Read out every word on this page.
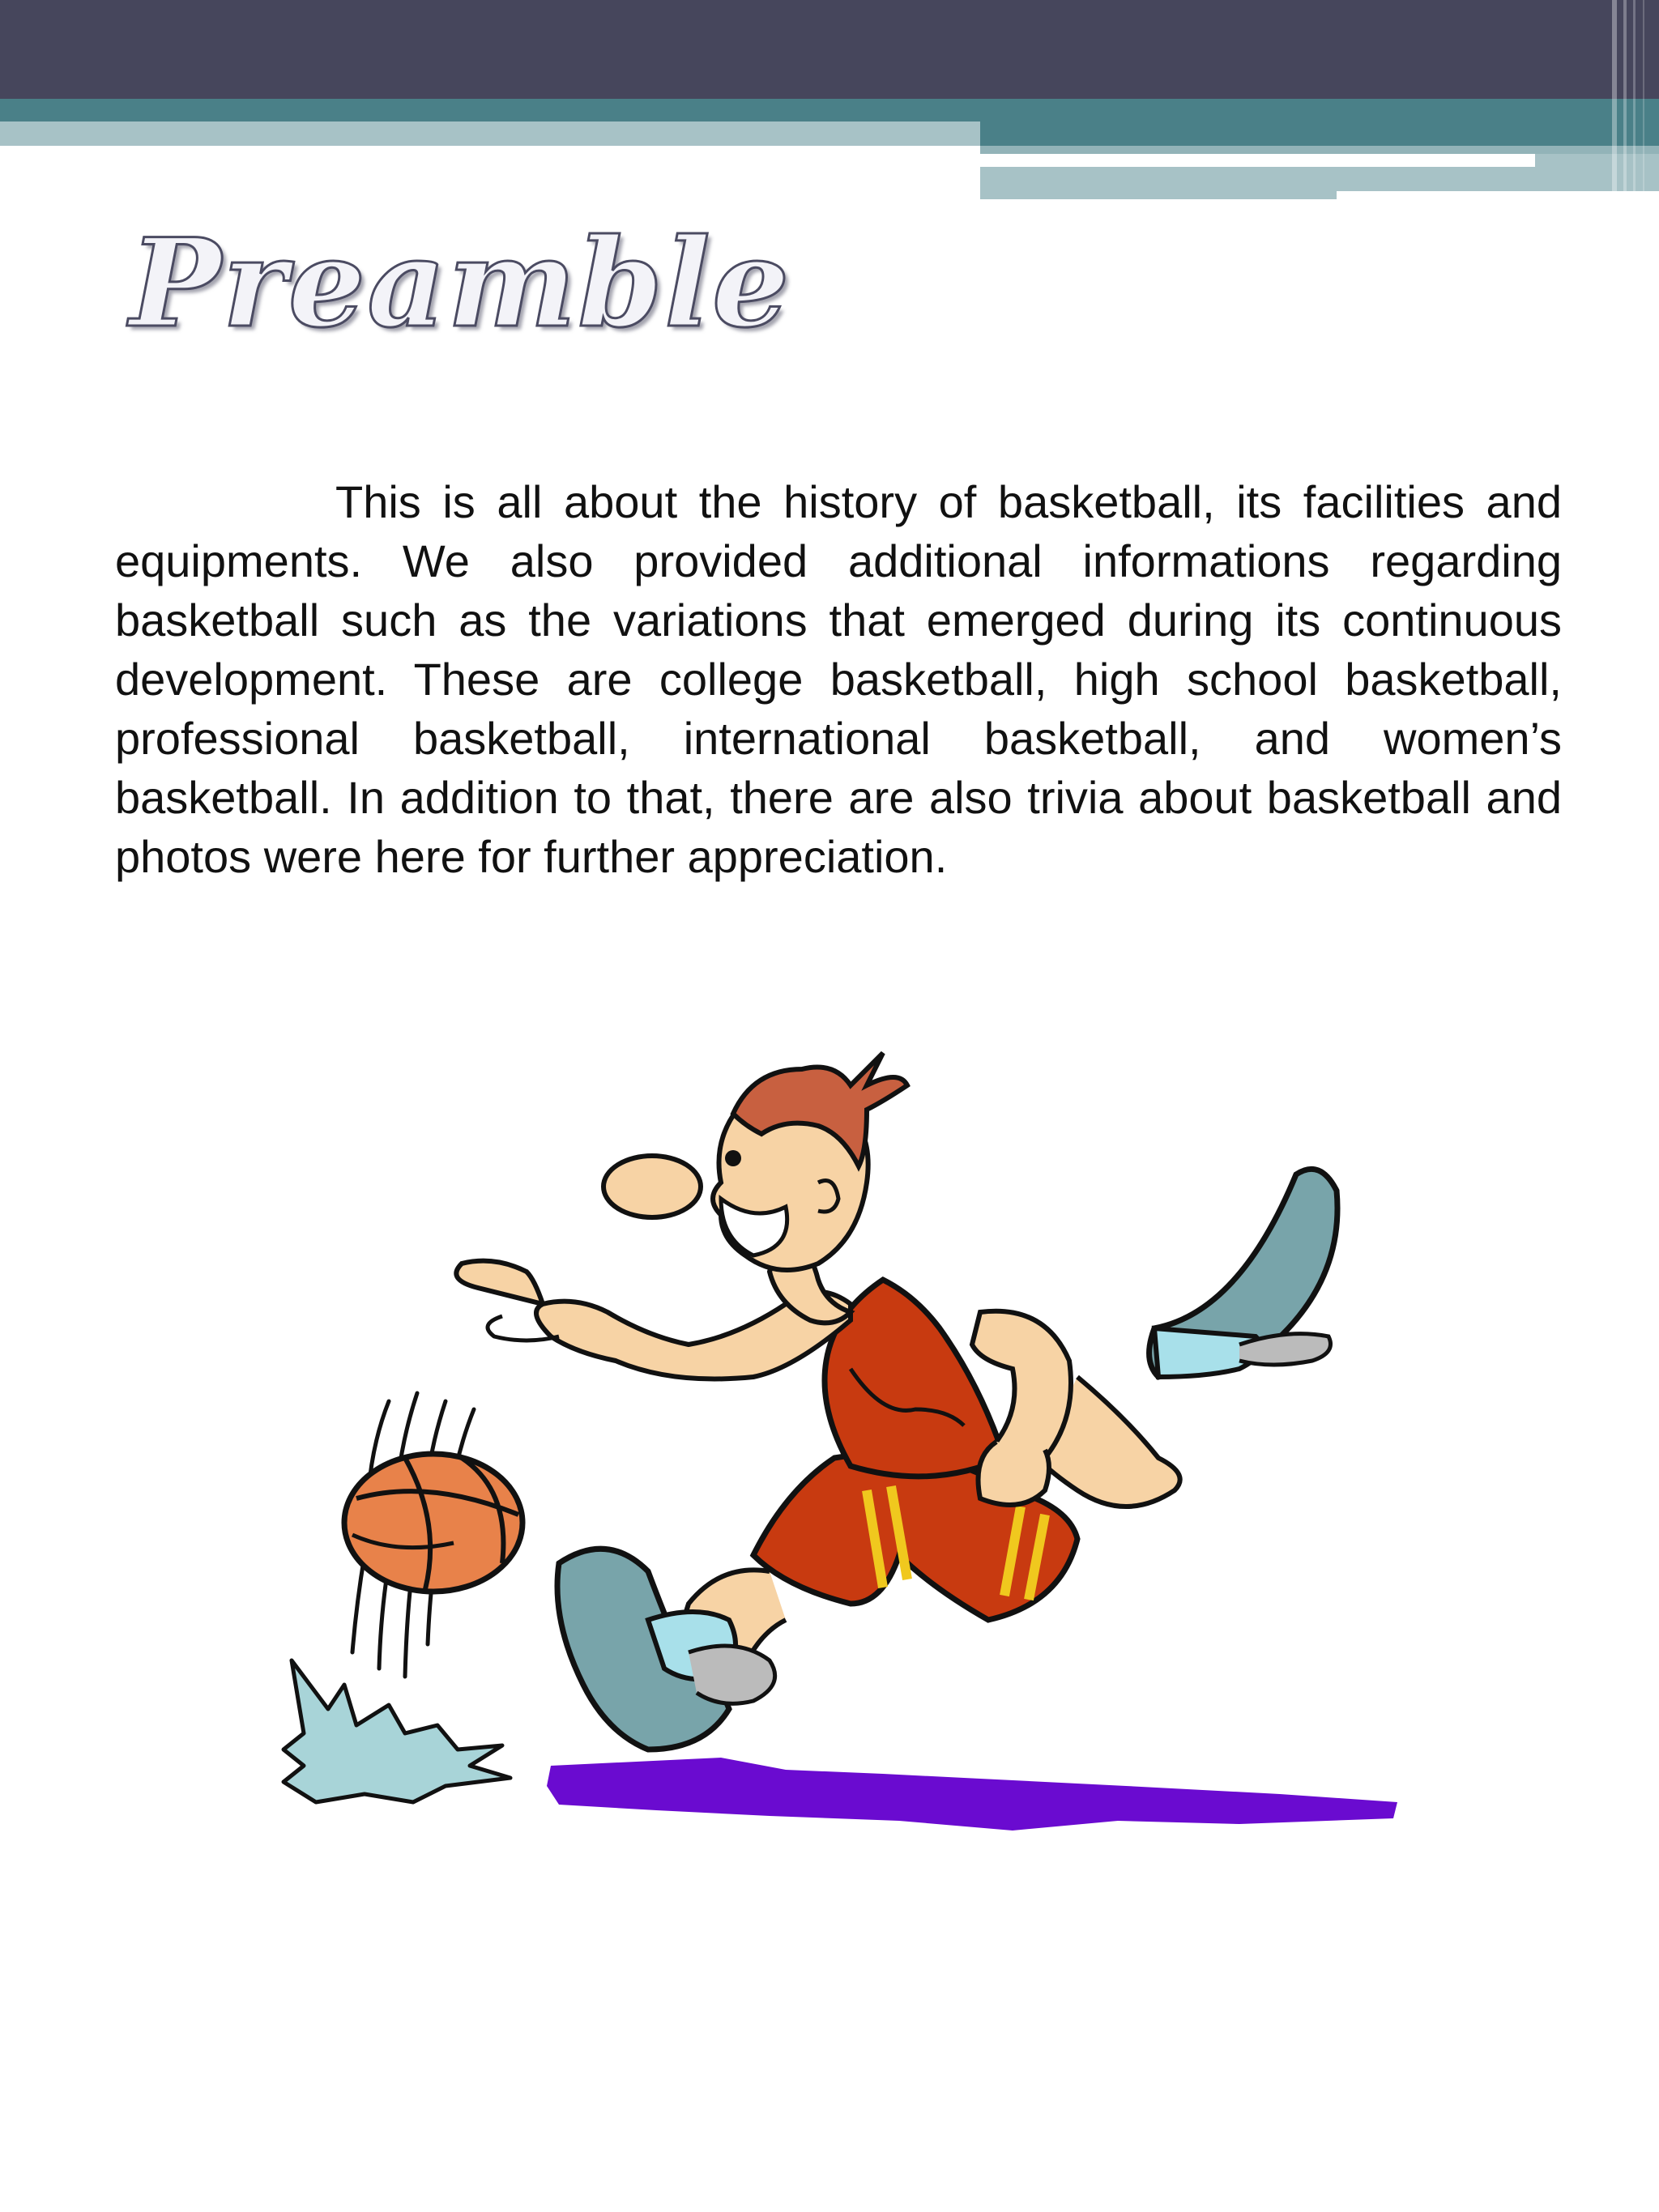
Preamble

This is all about the history of basketball, its facilities and equipments. We also provided additional informations regarding basketball such as the variations that emerged during its continuous development. These are college basketball, high school basketball, professional basketball, international basketball, and women’s basketball. In addition to that, there are also trivia about basketball and photos were here for further appreciation.
